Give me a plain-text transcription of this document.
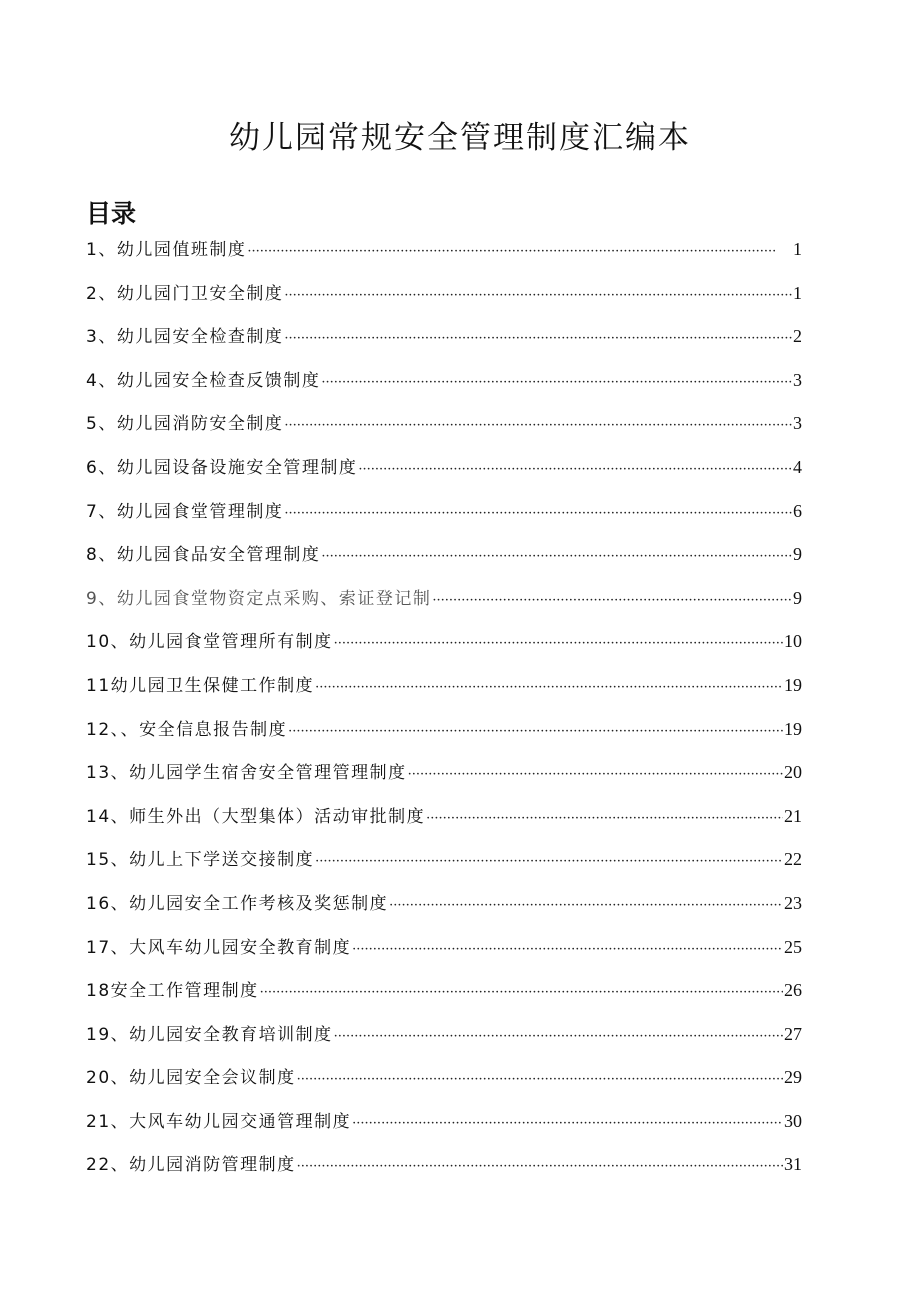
幼儿园常规安全管理制度汇编本
目录
1、幼儿园值班制度 ·····	1
2、幼儿园门卫安全制度 ·····	1
3、幼儿园安全检查制度 ·····	2
4、幼儿园安全检查反馈制度 ·····	3
5、幼儿园消防安全制度 ·····	3
6、幼儿园设备设施安全管理制度 ·····	4
7、幼儿园食堂管理制度 ·····	6
8、幼儿园食品安全管理制度 ·····	9
9、幼儿园食堂物资定点采购、索证登记制 ·····	9
10、幼儿园食堂管理所有制度 ·····	10
11幼儿园卫生保健工作制度 ·····	19
12、、安全信息报告制度 ·····	19
13、幼儿园学生宿舍安全管理管理制度 ·····	20
14、师生外出（大型集体）活动审批制度 ·····	21
15、幼儿上下学送交接制度 ·····	22
16、幼儿园安全工作考核及奖惩制度 ·····	23
17、大风车幼儿园安全教育制度 ·····	25
18安全工作管理制度 ·····	26
19、幼儿园安全教育培训制度 ·····	27
20、幼儿园安全会议制度 ·····	29
21、大风车幼儿园交通管理制度 ·····	30
22、幼儿园消防管理制度 ·····	31
